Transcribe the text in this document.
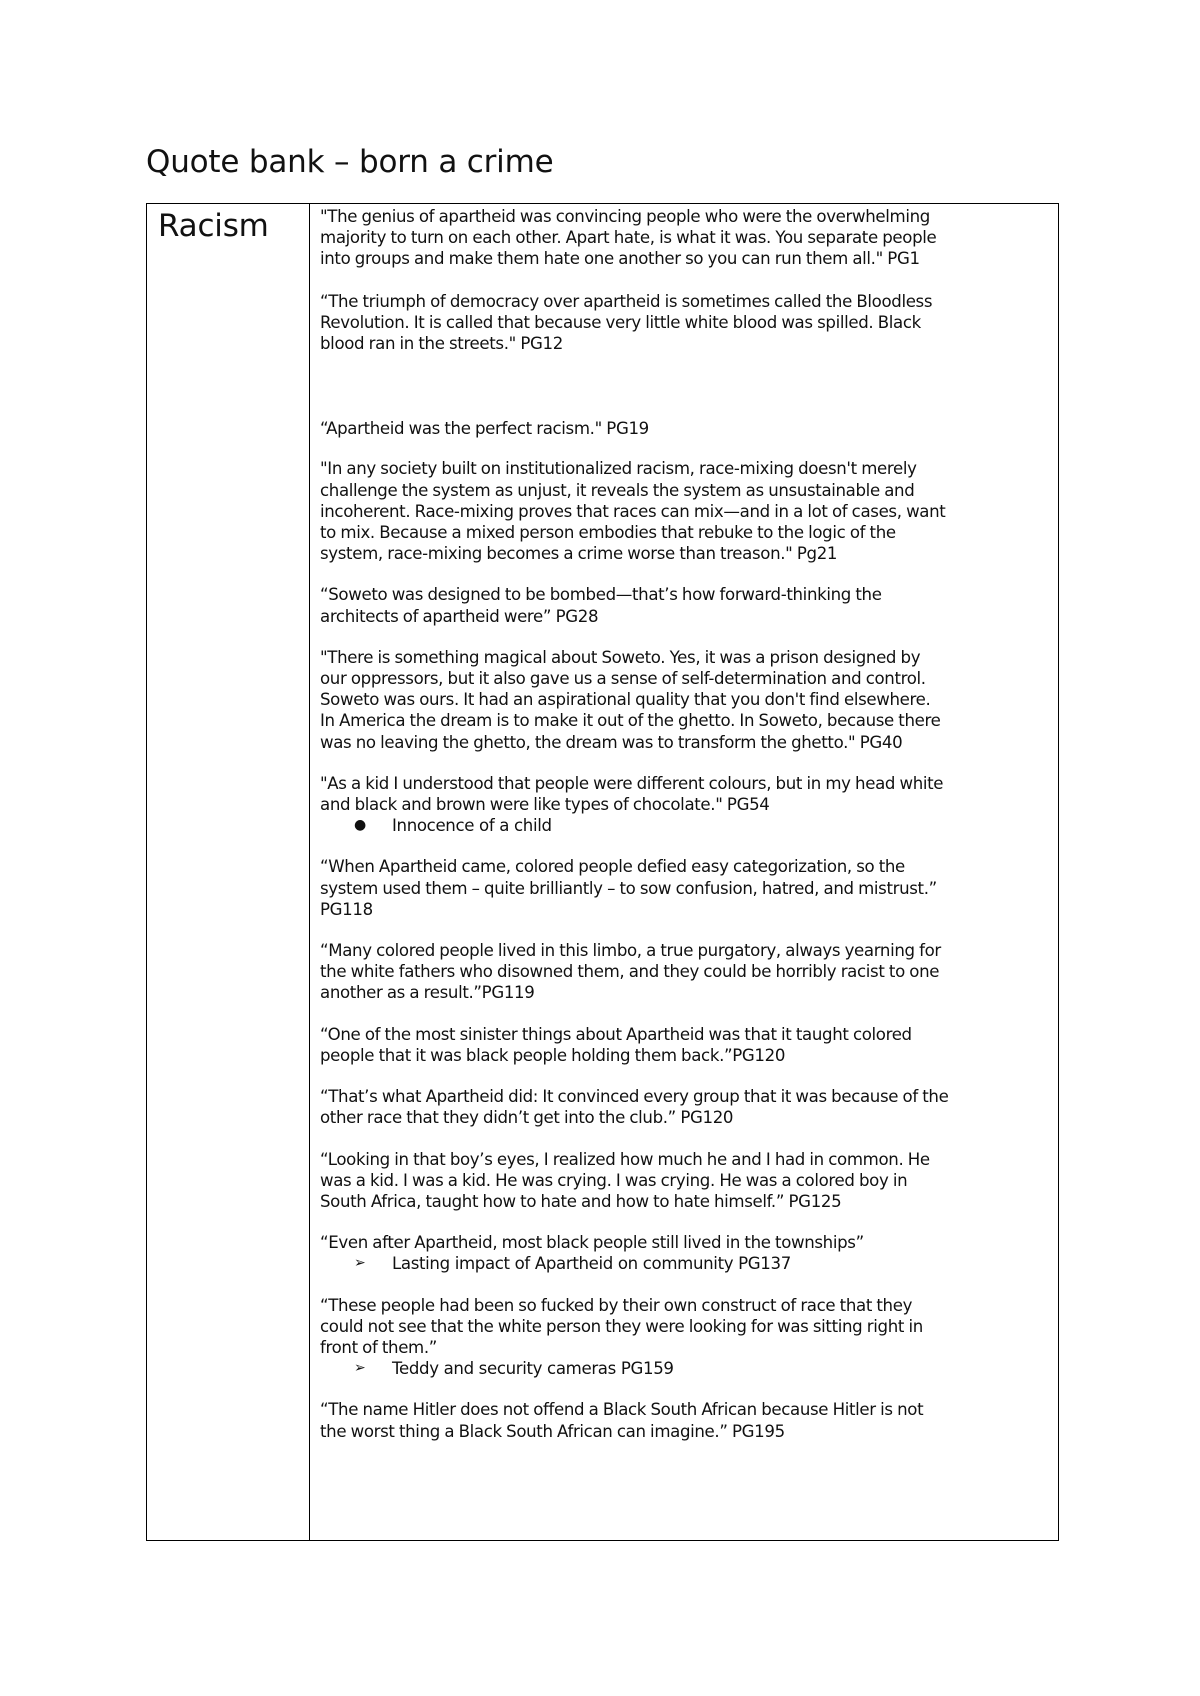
Quote bank – born a crime
Racism	"The genius of apartheid was convincing people who were the overwhelming
majority to turn on each other. Apart hate, is what it was. You separate people
into groups and make them hate one another so you can run them all." PG1

“The triumph of democracy over apartheid is sometimes called the Bloodless
Revolution. It is called that because very little white blood was spilled. Black
blood ran in the streets." PG12

“Apartheid was the perfect racism." PG19

"In any society built on institutionalized racism, race-mixing doesn't merely
challenge the system as unjust, it reveals the system as unsustainable and
incoherent. Race-mixing proves that races can mix—and in a lot of cases, want
to mix. Because a mixed person embodies that rebuke to the logic of the
system, race-mixing becomes a crime worse than treason." Pg21

“Soweto was designed to be bombed—that’s how forward-thinking the
architects of apartheid were” PG28

"There is something magical about Soweto. Yes, it was a prison designed by
our oppressors, but it also gave us a sense of self-determination and control.
Soweto was ours. It had an aspirational quality that you don't find elsewhere.
In America the dream is to make it out of the ghetto. In Soweto, because there
was no leaving the ghetto, the dream was to transform the ghetto." PG40

"As a kid I understood that people were different colours, but in my head white
and black and brown were like types of chocolate." PG54

● Innocence of a child

“When Apartheid came, colored people defied easy categorization, so the
system used them – quite brilliantly – to sow confusion, hatred, and mistrust.”
PG118

“Many colored people lived in this limbo, a true purgatory, always yearning for
the white fathers who disowned them, and they could be horribly racist to one
another as a result.”PG119

“One of the most sinister things about Apartheid was that it taught colored
people that it was black people holding them back.”PG120

“That’s what Apartheid did: It convinced every group that it was because of the
other race that they didn’t get into the club.” PG120

“Looking in that boy’s eyes, I realized how much he and I had in common. He
was a kid. I was a kid. He was crying. I was crying. He was a colored boy in
South Africa, taught how to hate and how to hate himself.” PG125

“Even after Apartheid, most black people still lived in the townships”

➢ Lasting impact of Apartheid on community PG137

“These people had been so fucked by their own construct of race that they
could not see that the white person they were looking for was sitting right in
front of them.”

➢ Teddy and security cameras PG159

“The name Hitler does not offend a Black South African because Hitler is not
the worst thing a Black South African can imagine.” PG195
